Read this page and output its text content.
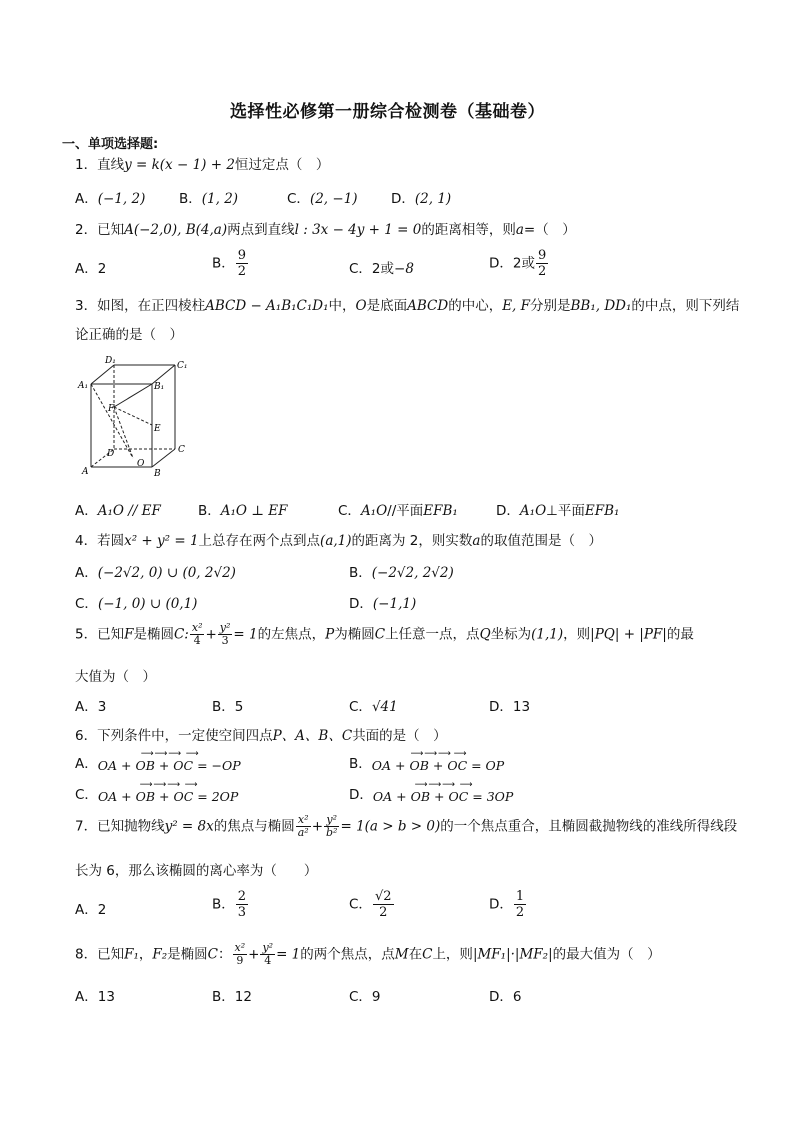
选择性必修第一册综合检测卷（基础卷）
一、单项选择题:
1．直线y = k(x − 1) + 2恒过定点（　）
A．(−1, 2) B．(1, 2)	C．(2, −1) D．(2, 1)
2．已知A(−2,0), B(4,a)两点到直线l : 3x − 4y + 1 = 0的距离相等，则a=（　）
A．2	B． $\frac{9}{2}$	C．2或−8	D．2或 $\frac{9}{2}$
3．如图，在正四棱柱ABCD − A₁B₁C₁D₁中，O是底面ABCD的中心，E, F分别是BB₁, DD₁的中点，则下列结
论正确的是（　）
D₁	C₁
A₁	B₁
F
E
D	C
O
A	B
A．A₁O // EF	B．A₁O ⊥ EF	C．A₁O//平面EFB₁	D．A₁O⊥平面EFB₁
4．若圆x² + y² = 1上总存在两个点到点(a,1)的距离为 2，则实数a的取值范围是（　）
A．(−2√2, 0) ∪ (0, 2√2)	B．(−2√2, 2√2)
C．(−1, 0) ∪ (0,1)	D．(−1,1)
5．已知F是椭圆C: $\frac{\text{x²}}{4} + \frac{\text{y²}}{3} = 1$的左焦点，P为椭圆C上任意一点，点Q坐标为(1,1)，则|PQ| + |PF|的最
大值为（　）
A．3	B．5	C．√41	D．13
6．下列条件中，一定使空间四点P、A、B、C共面的是（　）
A．
⟶ ⟶ ⟶   ⟶
OA + OB + OC = −OP	B．
⟶ ⟶ ⟶  ⟶
OA + OB + OC = OP
C．
⟶ ⟶ ⟶   ⟶
OA + OB + OC = 2OP	D．
⟶ ⟶ ⟶   ⟶
OA + OB + OC = 3OP
7．已知抛物线y² = 8x的焦点与椭圆 $\frac{\text{x²}}{\text{a²}} + \frac{\text{y²}}{\text{b²}} = 1(a > b > 0)$的一个焦点重合，且椭圆截抛物线的准线所得线段
长为 6，那么该椭圆的离心率为（　　）
A．2	B． $\frac{2}{3}$	C． $\frac{√2}{2}$	D． $\frac{1}{2}$
8．已知F₁，F₂是椭圆C： $\frac{\text{x²}}{9} + \frac{\text{y²}}{4} = 1$的两个焦点，点M在C上，则|MF₁|·|MF₂|的最大值为（　）
A．13	B．12	C．9	D．6
